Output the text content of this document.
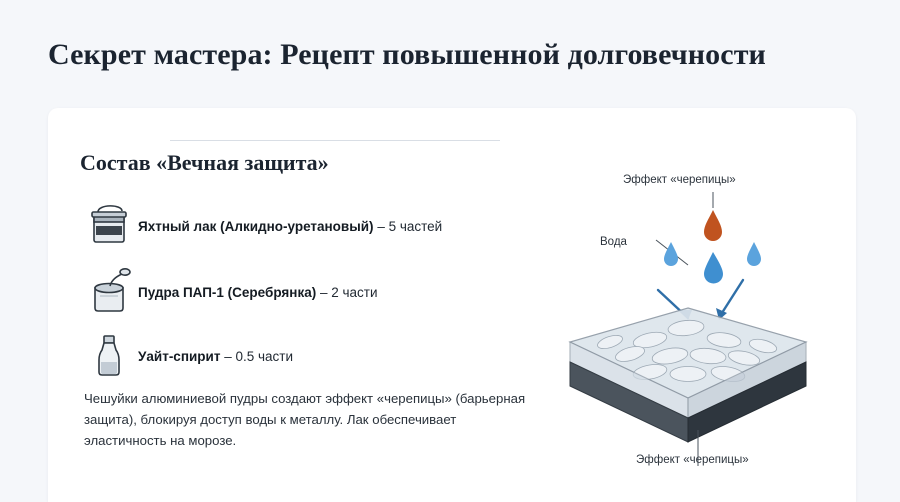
Секрет мастера: Рецепт повышенной долговечности
Состав «Вечная защита»
Яхтный лак (Алкидно-уретановый) – 5 частей
Пудра ПАП-1 (Серебрянка) – 2 части
Уайт-спирит – 0.5 части
Чешуйки алюминиевой пудры создают эффект «черепицы» (барьерная защита), блокируя доступ воды к металлу. Лак обеспечивает эластичность на морозе.
Эффект «черепицы»
Вода
Эффект «черепицы»
